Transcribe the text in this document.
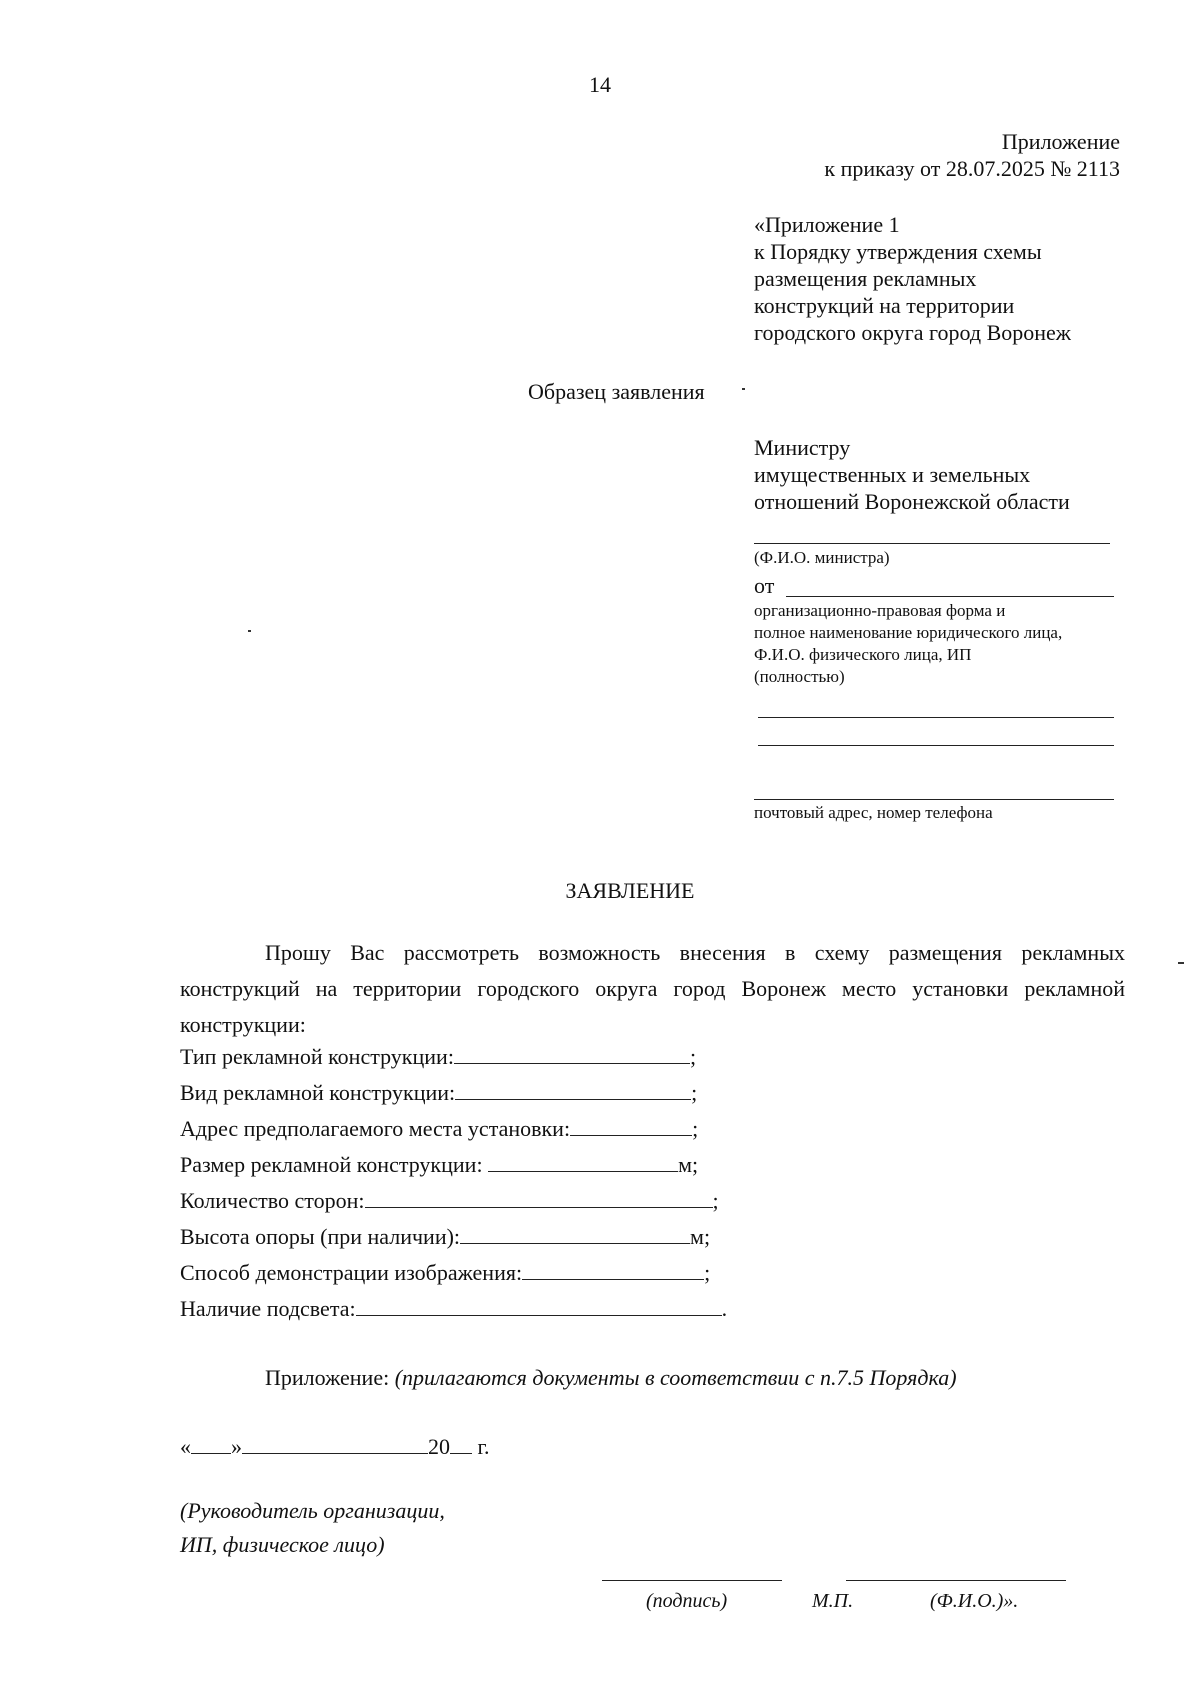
14
Приложение
к приказу от 28.07.2025 № 2113
«Приложение 1
к Порядку утверждения схемы
размещения рекламных
конструкций на территории
городского округа город Воронеж
Образец заявления
Министру
имущественных и земельных
отношений Воронежской области
(Ф.И.О. министра)
от
организационно-правовая форма и
полное наименование юридического лица,
Ф.И.О. физического лица, ИП
(полностью)
почтовый адрес, номер телефона
ЗАЯВЛЕНИЕ
Прошу Вас рассмотреть возможность внесения в схему размещения рекламных
конструкций на территории городского округа город Воронеж место установки рекламной
конструкции:
Тип рекламной конструкции:	;
Вид рекламной конструкции:	;
Адрес предполагаемого места установки:	;
Размер рекламной конструкции:	м;
Количество сторон:	;
Высота опоры (при наличии):	м;
Способ демонстрации изображения:	;
Наличие подсвета:	.
Приложение: (прилагаются документы в соответствии с п.7.5 Порядка)
« »	20 г.
(Руководитель организации,
ИП, физическое лицо)
(подпись)	М.П.	(Ф.И.О.)».
